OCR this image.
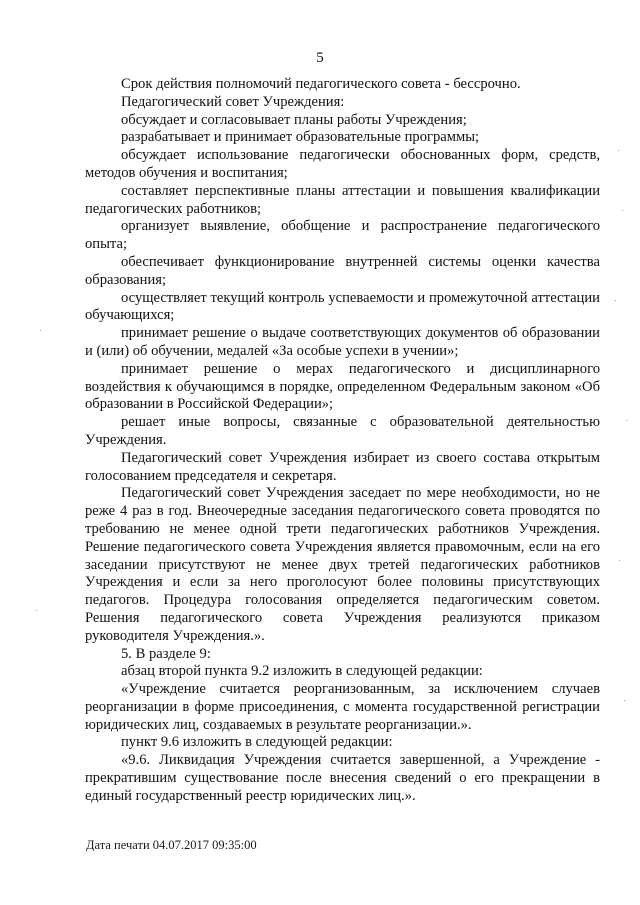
5

Срок действия полномочий педагогического совета - бессрочно.

Педагогический совет Учреждения:

обсуждает и согласовывает планы работы Учреждения;

разрабатывает и принимает образовательные программы;

обсуждает использование педагогически обоснованных форм, средств, методов обучения и воспитания;

составляет перспективные планы аттестации и повышения квалификации педагогических работников;

организует выявление, обобщение и распространение педагогического опыта;

обеспечивает функционирование внутренней системы оценки качества образования;

осуществляет текущий контроль успеваемости и промежуточной аттестации обучающихся;

принимает решение о выдаче соответствующих документов об образовании и (или) об обучении, медалей «За особые успехи в учении»;

принимает решение о мерах педагогического и дисциплинарного воздействия к обучающимся в порядке, определенном Федеральным законом «Об образовании в Российской Федерации»;

решает иные вопросы, связанные с образовательной деятельностью Учреждения.

Педагогический совет Учреждения избирает из своего состава открытым голосованием председателя и секретаря.

Педагогический совет Учреждения заседает по мере необходимости, но не реже 4 раз в год. Внеочередные заседания педагогического совета проводятся по требованию не менее одной трети педагогических работников Учреждения. Решение педагогического совета Учреждения является правомочным, если на его заседании присутствуют не менее двух третей педагогических работников Учреждения и если за него проголосуют более половины присутствующих педагогов. Процедура голосования определяется педагогическим советом. Решения педагогического совета Учреждения реализуются приказом руководителя Учреждения.».

5. В разделе 9:

абзац второй пункта 9.2 изложить в следующей редакции:

«Учреждение считается реорганизованным, за исключением случаев реорганизации в форме присоединения, с момента государственной регистрации юридических лиц, создаваемых в результате реорганизации.».

пункт 9.6 изложить в следующей редакции:

«9.6. Ликвидация Учреждения считается завершенной, а Учреждение - прекратившим существование после внесения сведений о его прекращении в единый государственный реестр юридических лиц.».

Дата печати 04.07.2017 09:35:00
